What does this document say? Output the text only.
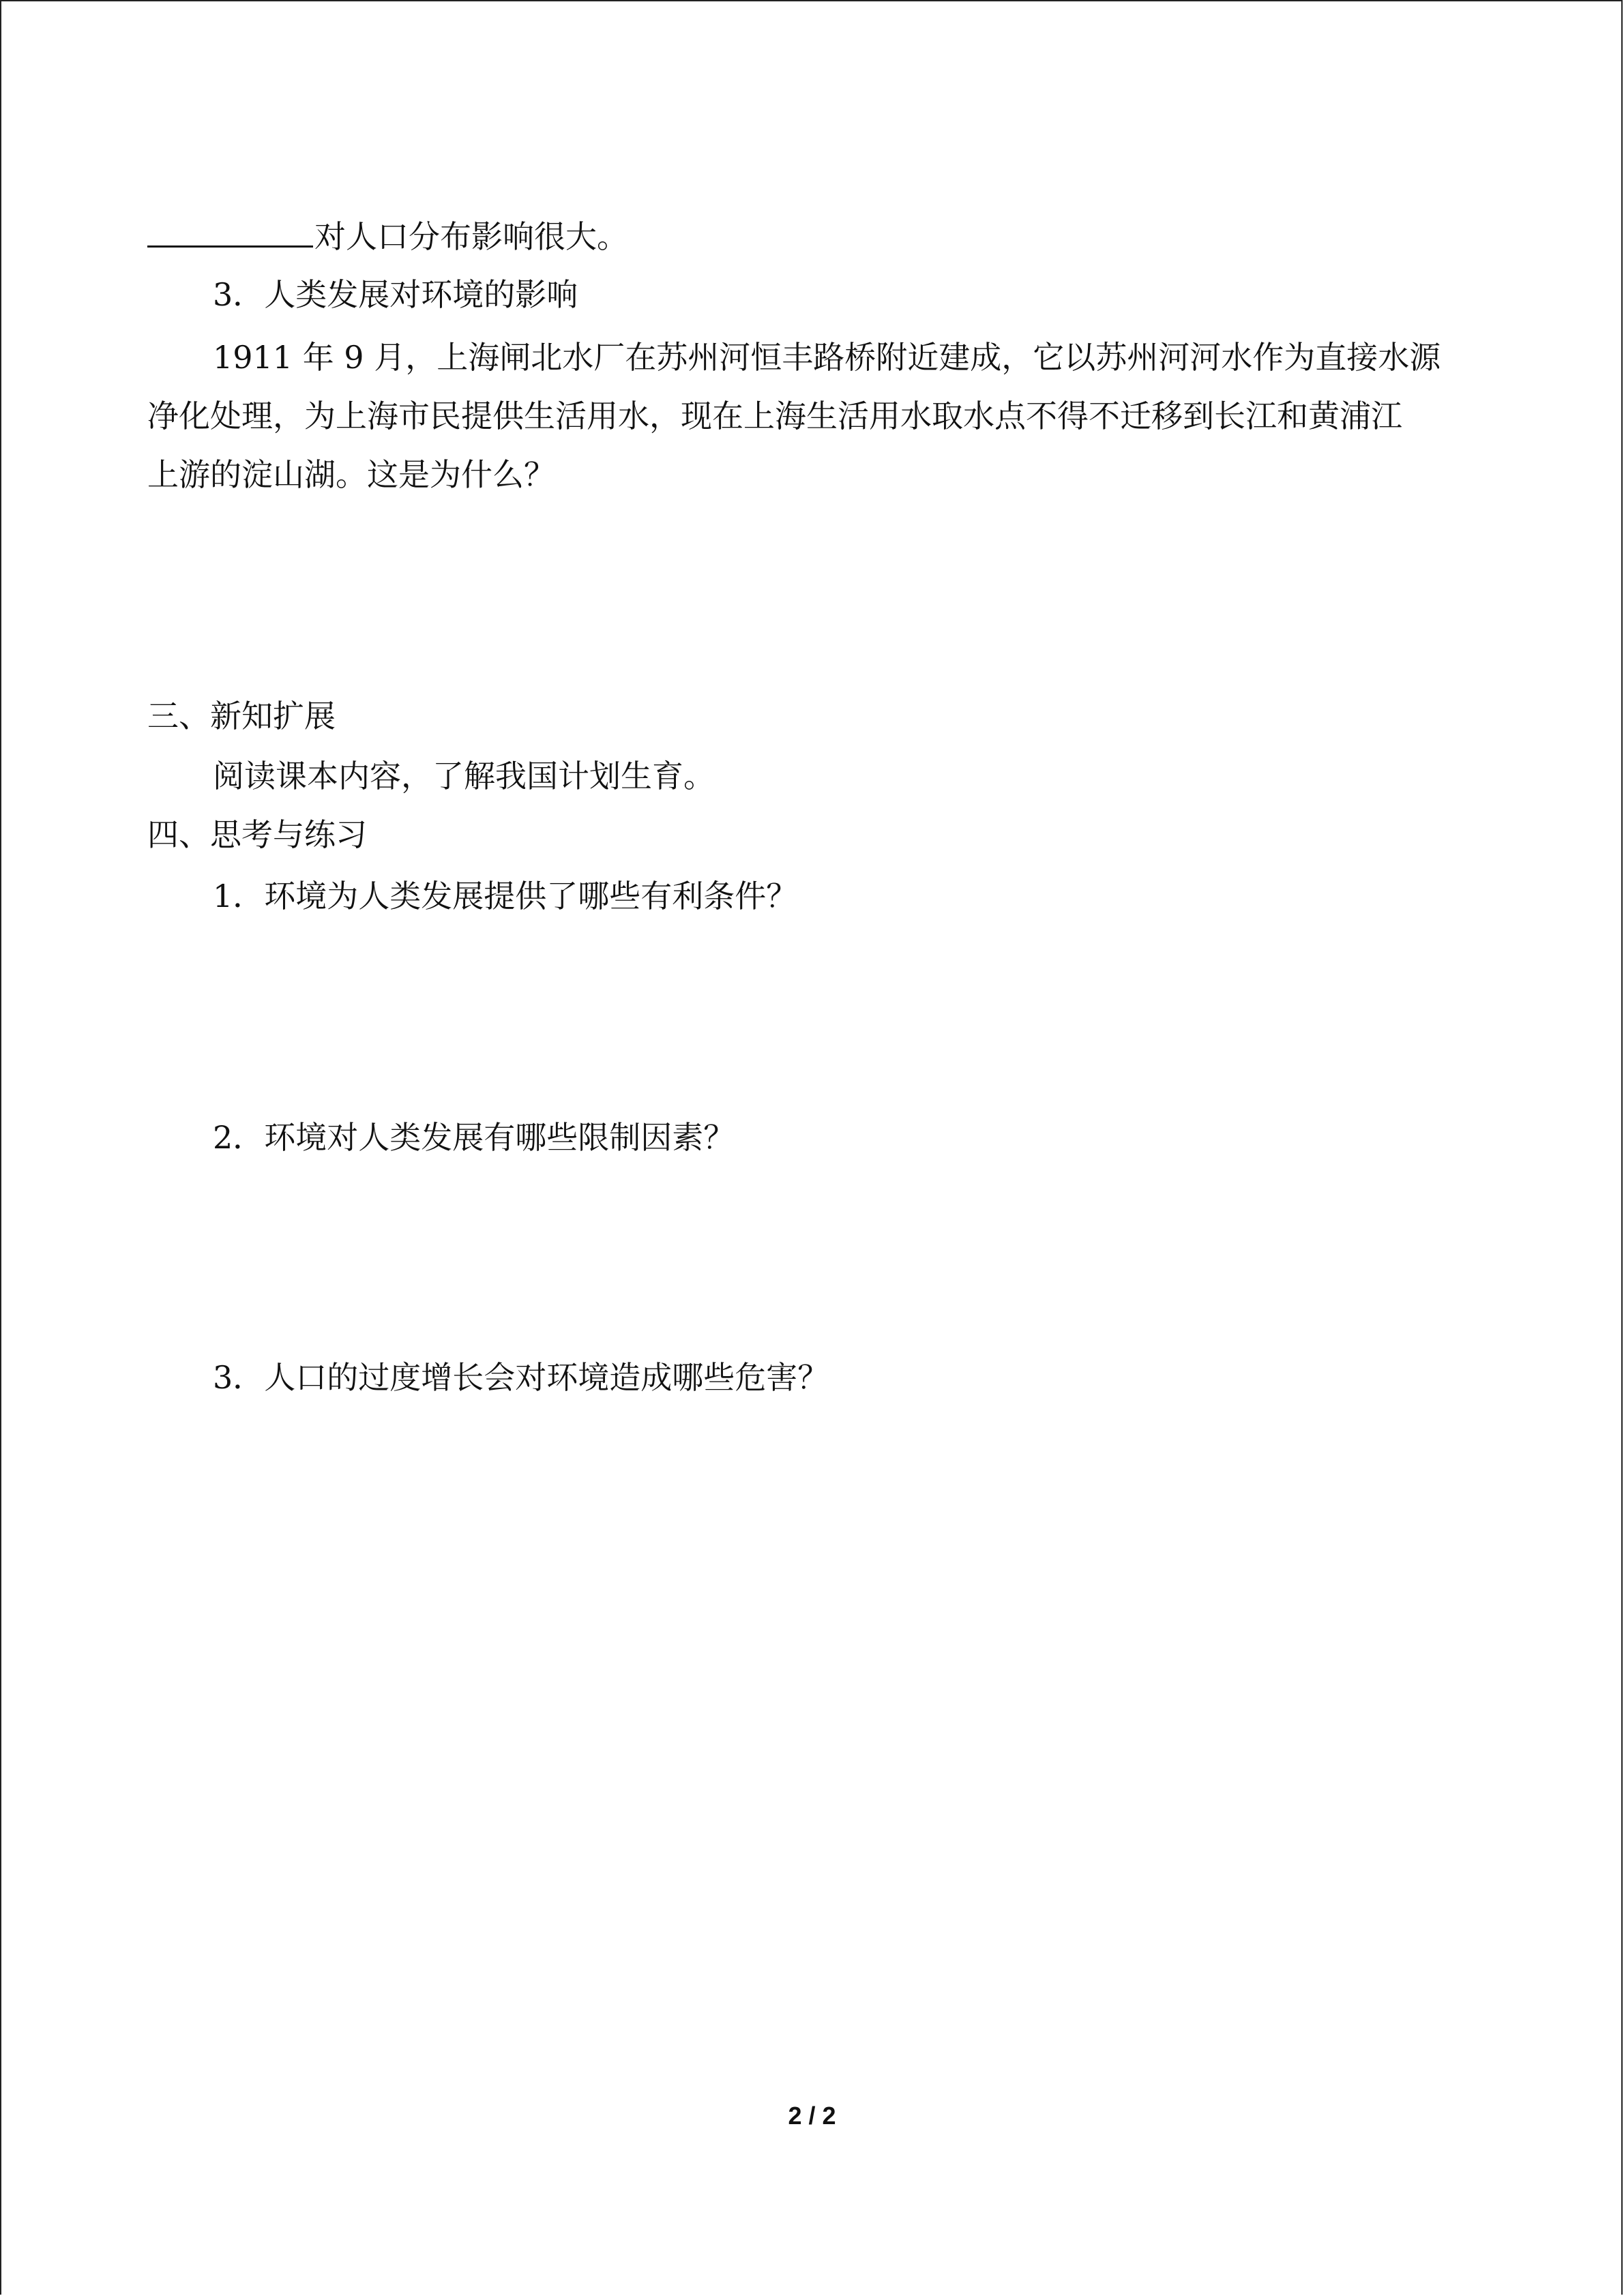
对人口分布影响很大。
3．人类发展对环境的影响
1911 年 9 月，上海闸北水厂在苏州河恒丰路桥附近建成，它以苏州河河水作为直接水源
净化处理，为上海市民提供生活用水，现在上海生活用水取水点不得不迁移到长江和黄浦江
上游的淀山湖。这是为什么？
三、新知扩展
阅读课本内容，了解我国计划生育。
四、思考与练习
1．环境为人类发展提供了哪些有利条件？
2．环境对人类发展有哪些限制因素？
3．人口的过度增长会对环境造成哪些危害？
2 / 2
